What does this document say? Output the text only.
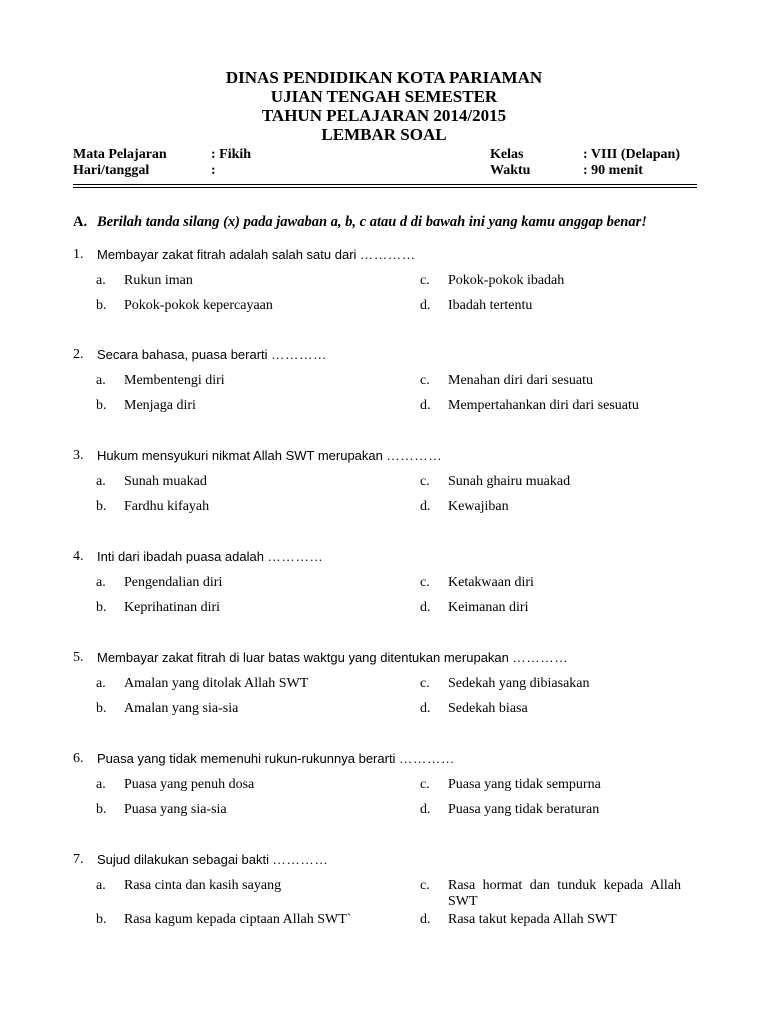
DINAS PENDIDIKAN KOTA PARIAMAN
UJIAN TENGAH SEMESTER
TAHUN PELAJARAN 2014/2015
LEMBAR SOAL
Mata Pelajaran	: Fikih	Kelas	: VIII (Delapan)
Hari/tanggal	:	Waktu	: 90 menit
A. Berilah tanda silang (x) pada jawaban a, b, c atau d di bawah ini yang kamu anggap benar!
1. Membayar zakat fitrah adalah salah satu dari …………
a. Rukun iman
b. Pokok-pokok kepercayaan
c. Pokok-pokok ibadah
d. Ibadah tertentu
2. Secara bahasa, puasa berarti …………
a. Membentengi diri
b. Menjaga diri
c. Menahan diri dari sesuatu
d. Mempertahankan diri dari sesuatu
3. Hukum mensyukuri nikmat Allah SWT merupakan …………
a. Sunah muakad
b. Fardhu kifayah
c. Sunah ghairu muakad
d. Kewajiban
4. Inti dari ibadah puasa adalah …………
a. Pengendalian diri
b. Keprihatinan diri
c. Ketakwaan diri
d. Keimanan diri
5. Membayar zakat fitrah di luar batas waktgu yang ditentukan merupakan …………
a. Amalan yang ditolak Allah SWT
b. Amalan yang sia-sia
c. Sedekah yang dibiasakan
d. Sedekah biasa
6. Puasa yang tidak memenuhi rukun-rukunnya berarti …………
a. Puasa yang penuh dosa
b. Puasa yang sia-sia
c. Puasa yang tidak sempurna
d. Puasa yang tidak beraturan
7. Sujud dilakukan sebagai bakti …………
a. Rasa cinta dan kasih sayang
b. Rasa kagum kepada ciptaan Allah SWT`
c. Rasa hormat dan tunduk kepada Allah SWT
d. Rasa takut kepada Allah SWT
